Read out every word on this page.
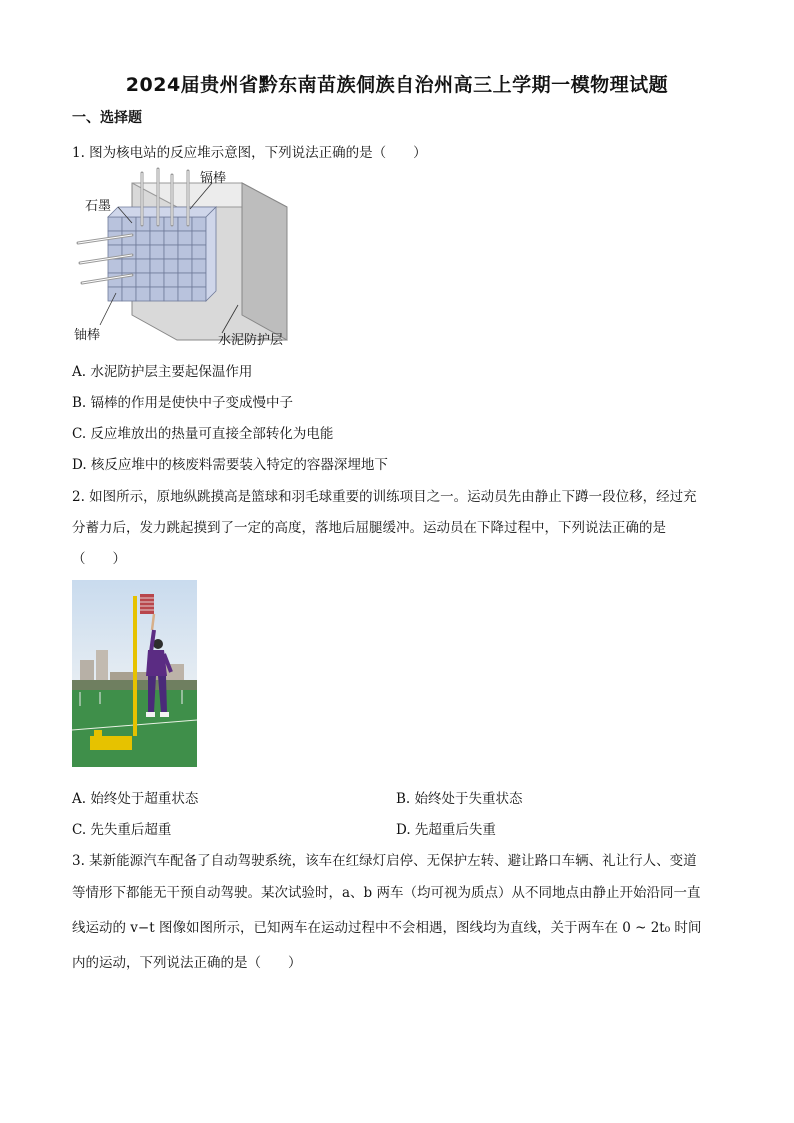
2024届贵州省黔东南苗族侗族自治州高三上学期一模物理试题
一、选择题
1. 图为核电站的反应堆示意图，下列说法正确的是（　　）
石墨
镉棒
铀棒	水泥防护层
A. 水泥防护层主要起保温作用
B. 镉棒的作用是使快中子变成慢中子
C. 反应堆放出的热量可直接全部转化为电能
D. 核反应堆中的核废料需要装入特定的容器深埋地下
2. 如图所示，原地纵跳摸高是篮球和羽毛球重要的训练项目之一。运动员先由静止下蹲一段位移，经过充
分蓄力后，发力跳起摸到了一定的高度，落地后屈腿缓冲。运动员在下降过程中，下列说法正确的是
（　　）
A. 始终处于超重状态	B. 始终处于失重状态
C. 先失重后超重	D. 先超重后失重
3. 某新能源汽车配备了自动驾驶系统，该车在红绿灯启停、无保护左转、避让路口车辆、礼让行人、变道
等情形下都能无干预自动驾驶。某次试验时，a、b 两车（均可视为质点）从不同地点由静止开始沿同一直
线运动的 v−t 图像如图所示，已知两车在运动过程中不会相遇，图线均为直线，关于两车在 0 ~ 2t₀ 时间
内的运动，下列说法正确的是（　　）
